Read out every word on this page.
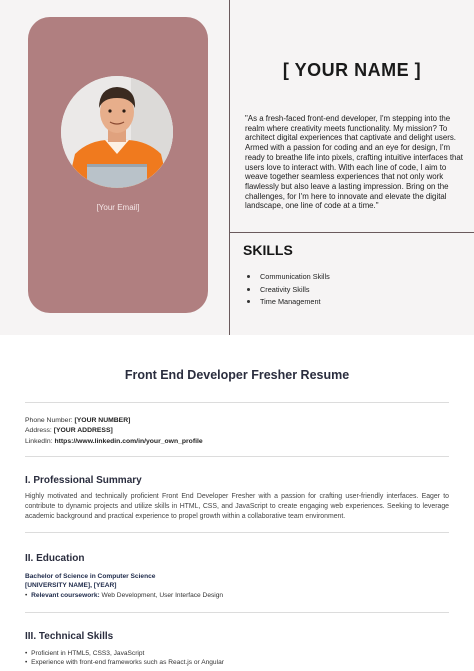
[Your Email]
[ YOUR NAME ]
"As a fresh-faced front-end developer, I'm stepping into the realm where creativity meets functionality. My mission? To architect digital experiences that captivate and delight users. Armed with a passion for coding and an eye for design, I'm ready to breathe life into pixels, crafting intuitive interfaces that users love to interact with. With each line of code, I aim to weave together seamless experiences that not only work flawlessly but also leave a lasting impression. Bring on the challenges, for I'm here to innovate and elevate the digital landscape, one line of code at a time."
SKILLS
Communication Skills
Creativity Skills
Time Management
Front End Developer Fresher Resume
Phone Number: [YOUR NUMBER]
Address: [YOUR ADDRESS]
LinkedIn: https://www.linkedin.com/in/your_own_profile
I. Professional Summary
Highly motivated and technically proficient Front End Developer Fresher with a passion for crafting user-friendly interfaces. Eager to contribute to dynamic projects and utilize skills in HTML, CSS, and JavaScript to create engaging web experiences. Seeking to leverage academic background and practical experience to propel growth within a collaborative team environment.
II. Education
Bachelor of Science in Computer Science
[UNIVERSITY NAME], [YEAR]
• Relevant coursework: Web Development, User Interface Design
III. Technical Skills
• Proficient in HTML5, CSS3, JavaScript
• Experience with front-end frameworks such as React.js or Angular
